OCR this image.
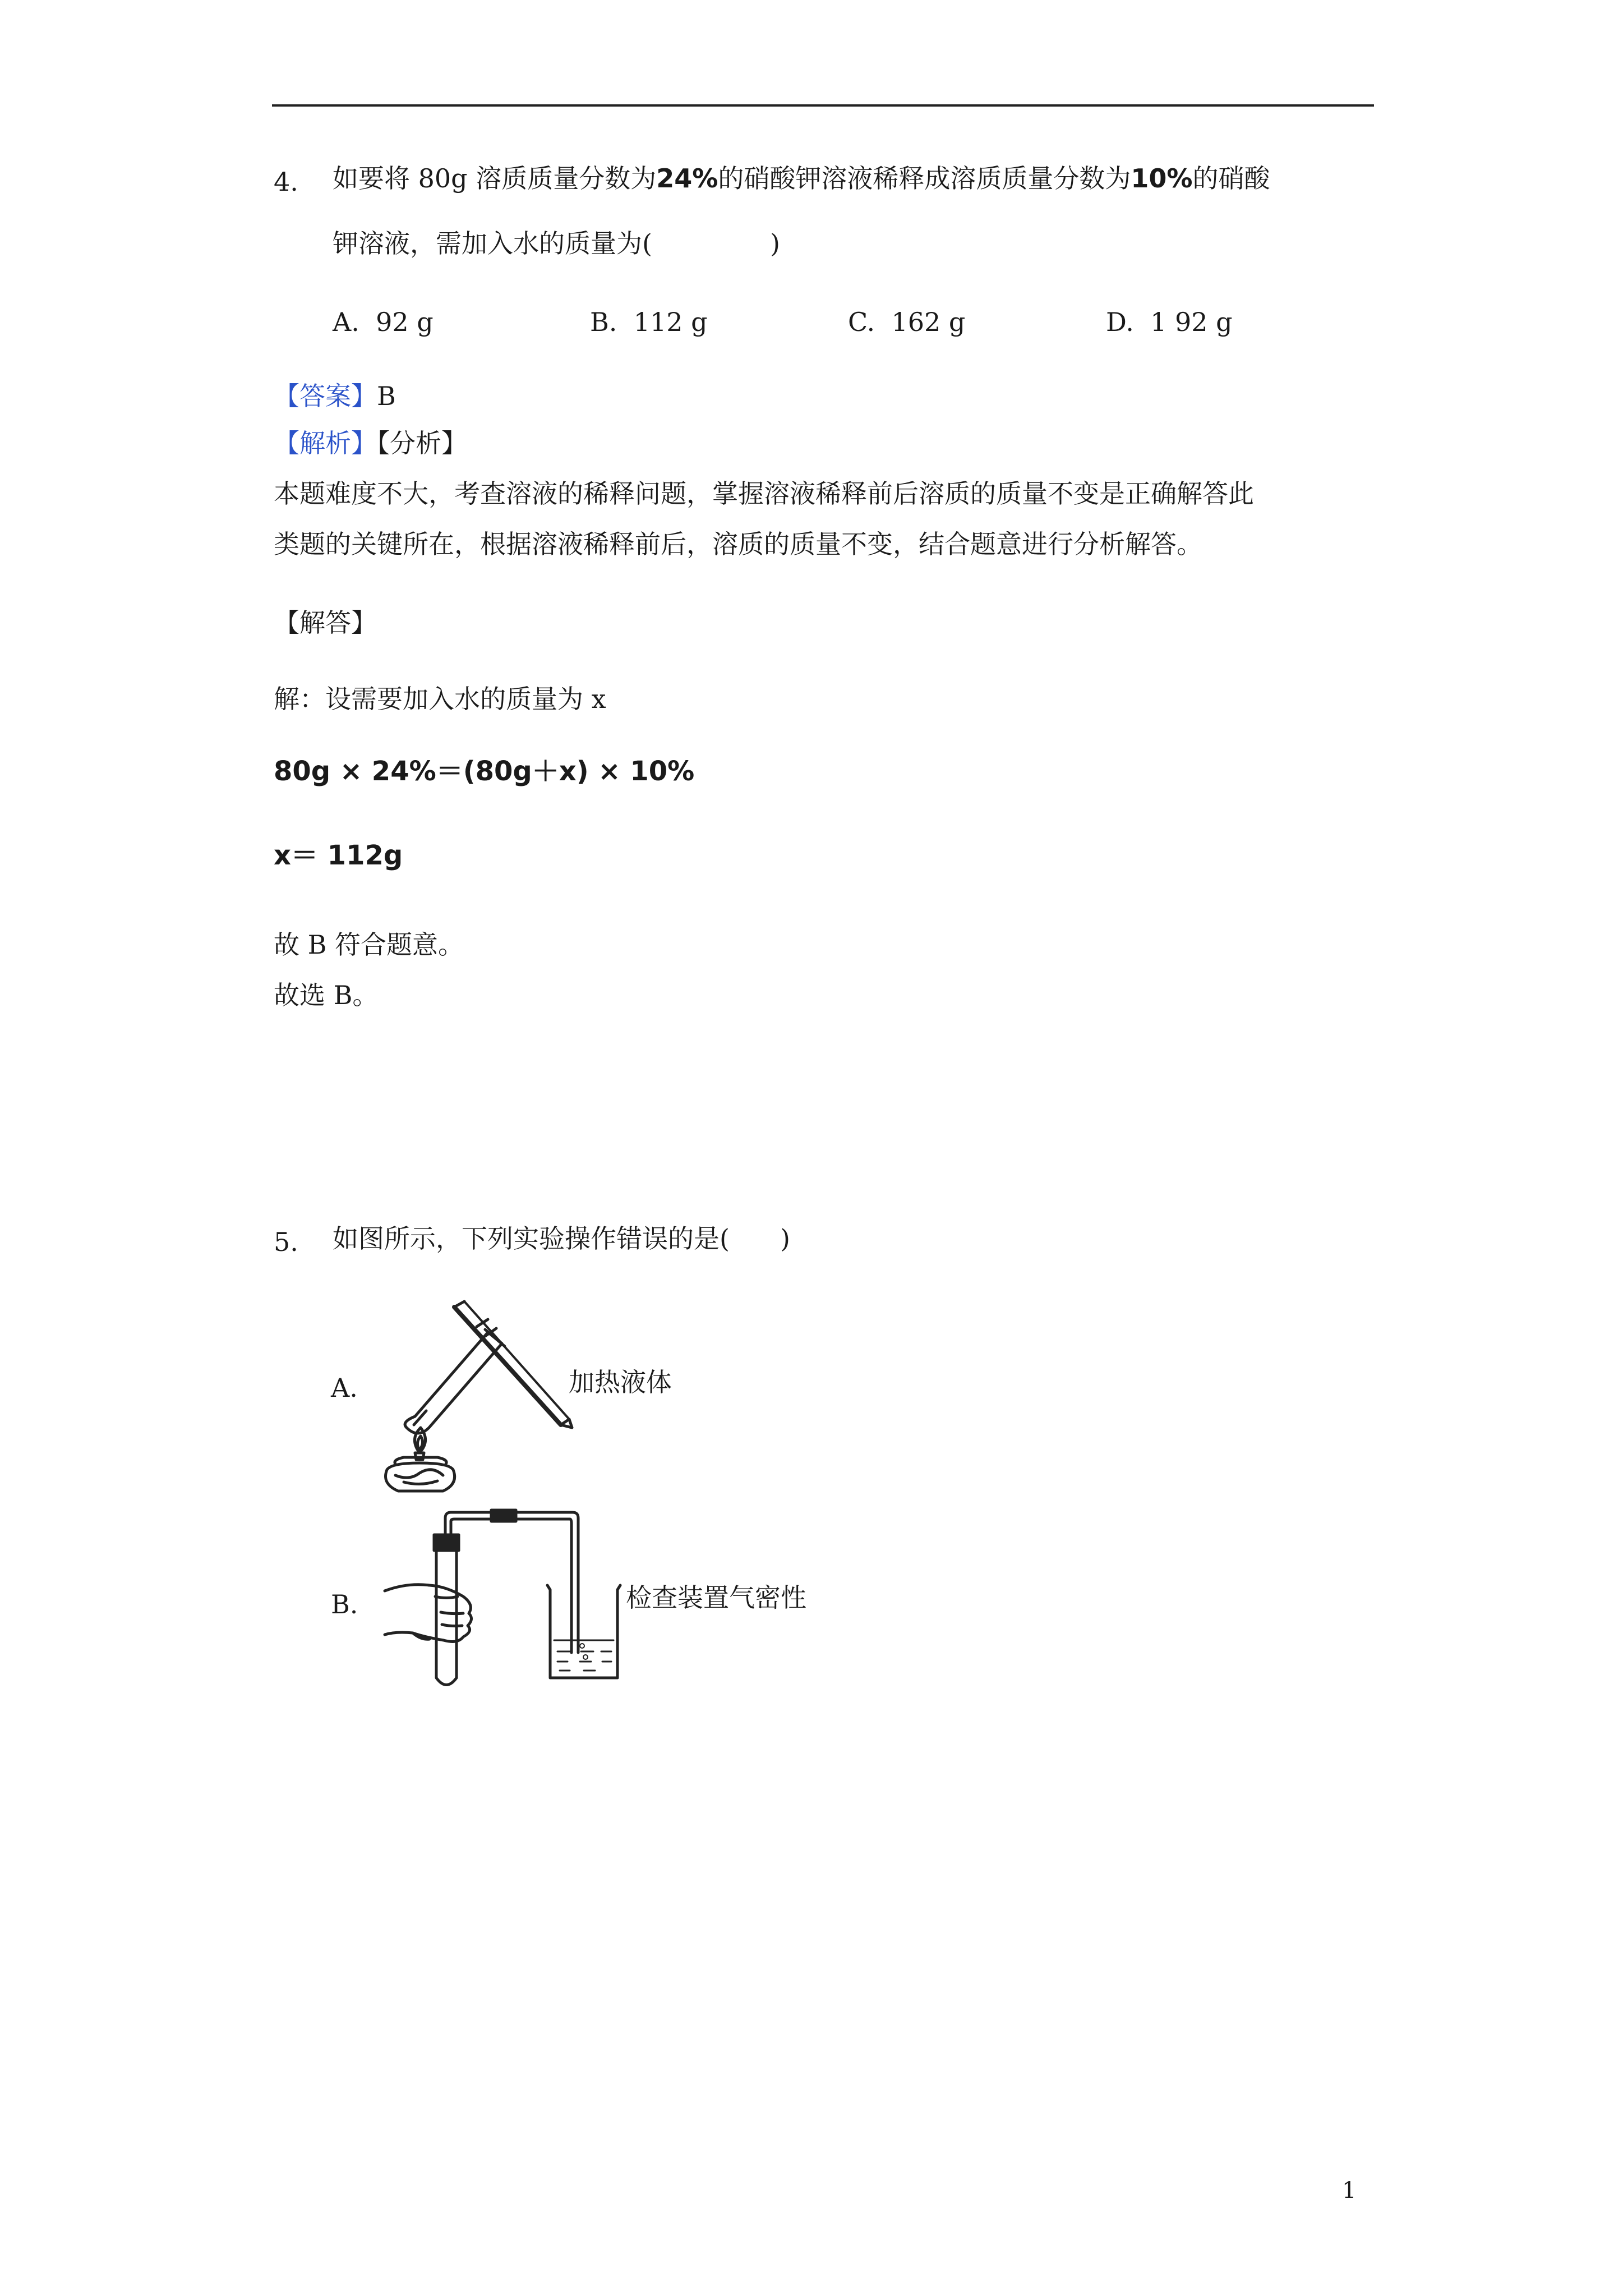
4. 如要将 80g 溶质质量分数为24%的硝酸钾溶液稀释成溶质质量分数为10%的硝酸
钾溶液，需加入水的质量为(	)
A. 92 g	B. 112 g	C. 162 g	D. 1 92 g
【答案】B
【解析】【分析】
本题难度不大，考查溶液的稀释问题，掌握溶液稀释前后溶质的质量不变是正确解答此
类题的关键所在，根据溶液稀释前后，溶质的质量不变，结合题意进行分析解答。
【解答】
解：设需要加入水的质量为 x
80g × 24%＝(80g＋x) × 10%
x＝ 112g
故 B 符合题意。
故选 B。
5. 如图所示，下列实验操作错误的是( )
A.	加热液体
B.	检查装置气密性
1
